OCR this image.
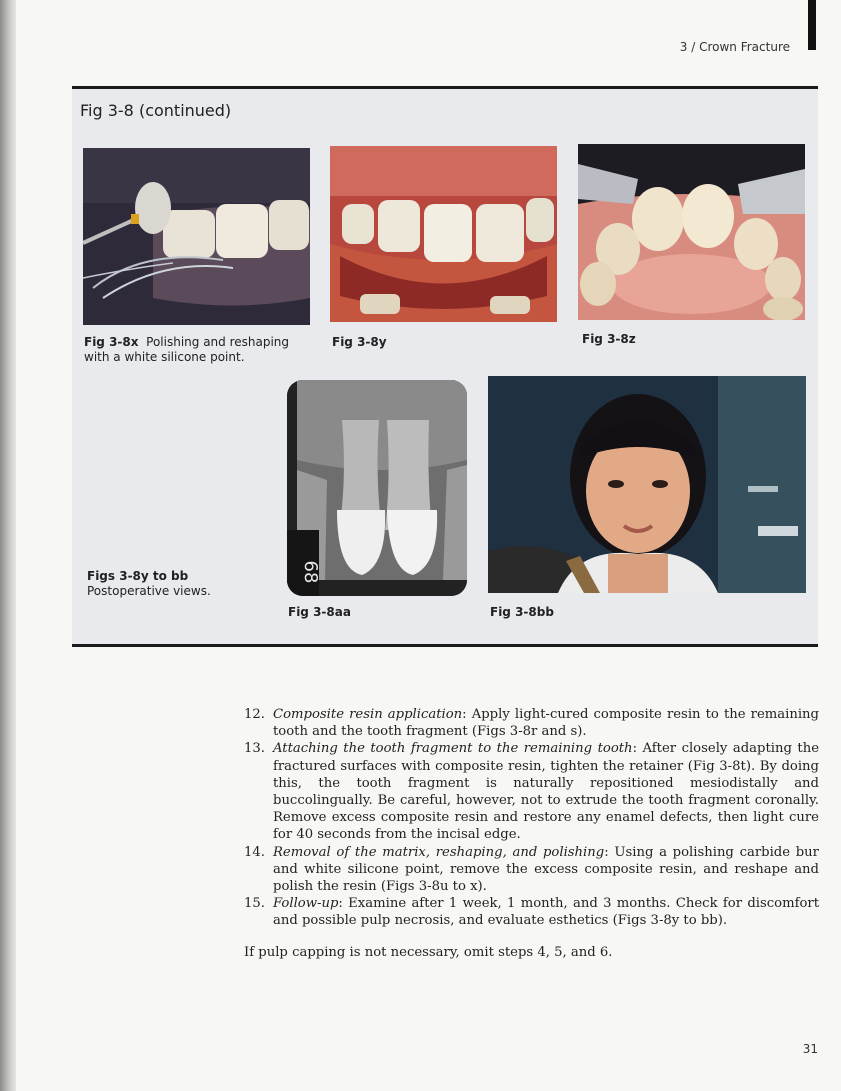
3 / Crown Fracture
Fig 3-8 (continued)
Fig 3-8x Polishing and reshaping with a white silicone point.
Fig 3-8y	Fig 3-8z
68
Fig 3-8aa	Fig 3-8bb
Figs 3-8y to bb
Postoperative views.
12. Composite resin application: Apply light-cured composite resin to the remaining tooth and the tooth fragment (Figs 3-8r and s).

13. Attaching the tooth fragment to the remaining tooth: After closely adapting the fractured surfaces with composite resin, tighten the retainer (Fig 3-8t). By doing this, the tooth fragment is naturally repositioned mesiodistally and buccolingually. Be careful, however, not to extrude the tooth fragment coronally. Remove excess composite resin and restore any enamel defects, then light cure for 40 seconds from the incisal edge.

14. Removal of the matrix, reshaping, and polishing: Using a polishing carbide bur and white silicone point, remove the excess composite resin, and reshape and polish the resin (Figs 3-8u to x).

15. Follow-up: Examine after 1 week, 1 month, and 3 months. Check for discomfort and possible pulp necrosis, and evaluate esthetics (Figs 3-8y to bb).

If pulp capping is not necessary, omit steps 4, 5, and 6.

31
